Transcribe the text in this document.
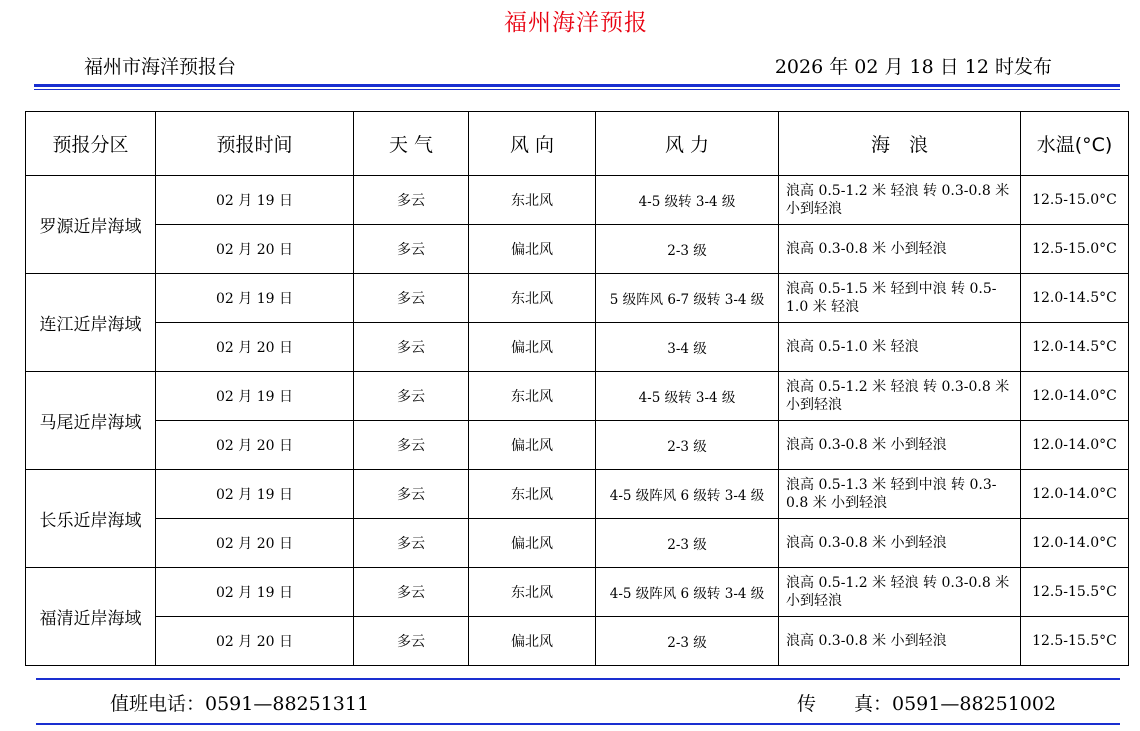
福州海洋预报
福州市海洋预报台	2026 年 02 月 18 日 12 时发布
预报分区	预报时间	天 气	风 向	风 力	海　浪	水温(°C)
罗源近岸海域	02 月 19 日	多云	东北风	4-5 级转 3-4 级	浪高 0.5-1.2 米 轻浪 转 0.3-0.8 米 小到轻浪	12.5-15.0°C
	02 月 20 日	多云	偏北风	2-3 级	浪高 0.3-0.8 米 小到轻浪	12.5-15.0°C
连江近岸海域	02 月 19 日	多云	东北风	5 级阵风 6-7 级转 3-4 级	浪高 0.5-1.5 米 轻到中浪 转 0.5-1.0 米 轻浪	12.0-14.5°C
	02 月 20 日	多云	偏北风	3-4 级	浪高 0.5-1.0 米 轻浪	12.0-14.5°C
马尾近岸海域	02 月 19 日	多云	东北风	4-5 级转 3-4 级	浪高 0.5-1.2 米 轻浪 转 0.3-0.8 米 小到轻浪	12.0-14.0°C
	02 月 20 日	多云	偏北风	2-3 级	浪高 0.3-0.8 米 小到轻浪	12.0-14.0°C
长乐近岸海域	02 月 19 日	多云	东北风	4-5 级阵风 6 级转 3-4 级	浪高 0.5-1.3 米 轻到中浪 转 0.3-0.8 米 小到轻浪	12.0-14.0°C
	02 月 20 日	多云	偏北风	2-3 级	浪高 0.3-0.8 米 小到轻浪	12.0-14.0°C
福清近岸海域	02 月 19 日	多云	东北风	4-5 级阵风 6 级转 3-4 级	浪高 0.5-1.2 米 轻浪 转 0.3-0.8 米 小到轻浪	12.5-15.5°C
	02 月 20 日	多云	偏北风	2-3 级	浪高 0.3-0.8 米 小到轻浪	12.5-15.5°C
值班电话：0591—88251311	传　　真：0591—88251002
